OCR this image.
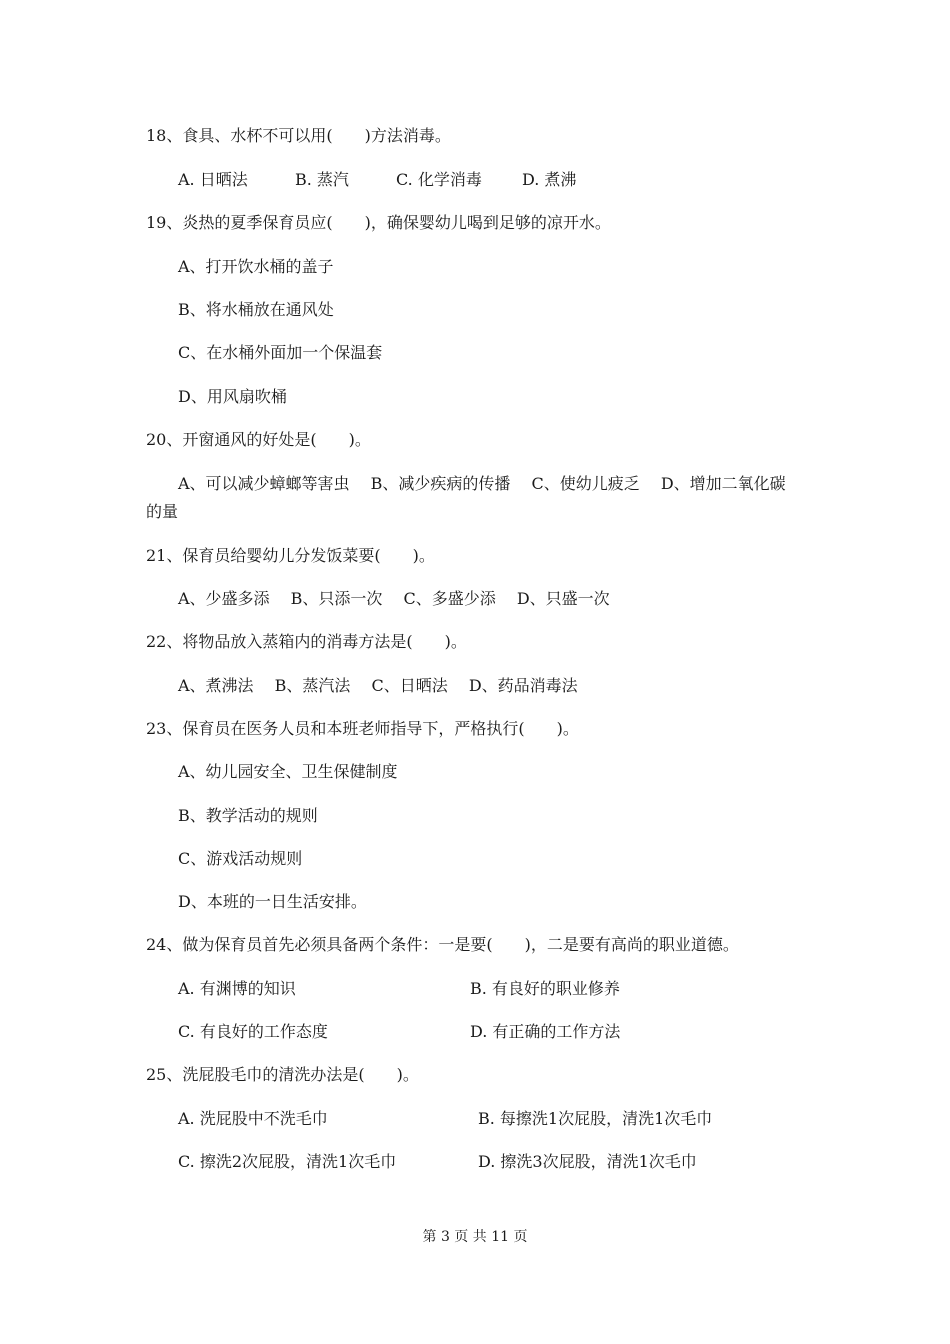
18、食具、水杯不可以用(　　)方法消毒。
A. 日晒法	B. 蒸汽	C. 化学消毒	D. 煮沸
19、炎热的夏季保育员应(　　)，确保婴幼儿喝到足够的凉开水。
A、打开饮水桶的盖子
B、将水桶放在通风处
C、在水桶外面加一个保温套
D、用风扇吹桶
20、开窗通风的好处是(　　)。
A、可以减少蟑螂等害虫　 B、减少疾病的传播　 C、使幼儿疲乏　 D、增加二氧化碳
的量
21、保育员给婴幼儿分发饭菜要(　　)。
A、少盛多添　 B、只添一次　 C、多盛少添　 D、只盛一次
22、将物品放入蒸箱内的消毒方法是(　　)。
A、煮沸法　 B、蒸汽法　 C、日晒法　 D、药品消毒法
23、保育员在医务人员和本班老师指导下，严格执行(　　)。
A、幼儿园安全、卫生保健制度
B、教学活动的规则
C、游戏活动规则
D、本班的一日生活安排。
24、做为保育员首先必须具备两个条件：一是要(　　)，二是要有高尚的职业道德。
A. 有渊博的知识	B. 有良好的职业修养
C. 有良好的工作态度	D. 有正确的工作方法
25、洗屁股毛巾的清洗办法是(　　)。
A. 洗屁股中不洗毛巾	B. 每擦洗1次屁股，清洗1次毛巾
C. 擦洗2次屁股，清洗1次毛巾	D. 擦洗3次屁股，清洗1次毛巾
第 3 页 共 11 页
